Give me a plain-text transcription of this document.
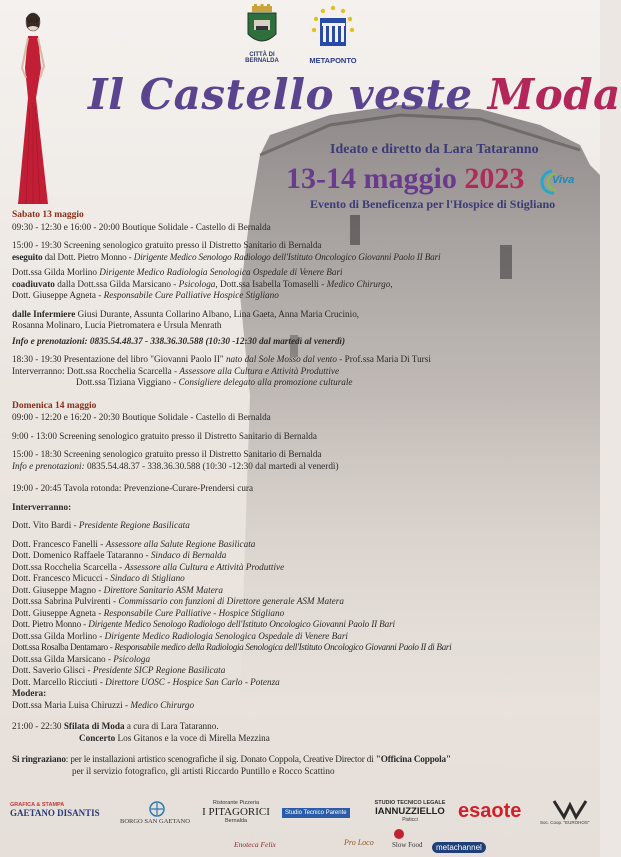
CITTÀ DI
BERNALDA	METAPONTO
Il Castello veste Moda
Ideato e diretto da Lara Tataranno
13-14 maggio 2023
Evento di Beneficenza per l'Hospice di Stigliano
Viva

Sabato 13 maggio

09:30 - 12:30 e 16:00 - 20:00 Boutique Solidale - Castello di Bernalda

15:00 - 19:30 Screening senologico gratuito presso il Distretto Sanitario di Bernalda

eseguito dal Dott. Pietro Monno - Dirigente Medico Senologo Radiologo dell'Istituto Oncologico Giovanni Paolo II Bari

Dott.ssa Gilda Morlino Dirigente Medico Radiologia Senologica Ospedale di Venere Bari

coadiuvato dalla Dott.ssa Gilda Marsicano - Psicologa, Dott.ssa Isabella Tomaselli - Medico Chirurgo,

Dott. Giuseppe Agneta - Responsabile Cure Palliative Hospice Stigliano

dalle Infermiere Giusi Durante, Assunta Collarino Albano, Lina Gaeta, Anna Maria Crucinio,

Rosanna Molinaro, Lucia Pietromatera e Ursula Menrath

Info e prenotazioni: 0835.54.48.37 - 338.36.30.588 (10:30 -12:30 dal martedì al venerdì)

18:30 - 19:30 Presentazione del libro "Giovanni Paolo II" nato dal Sole Mosso dal vento - Prof.ssa Maria Di Tursi

Interverranno: Dott.ssa Rocchelia Scarcella - Assessore alla Cultura e Attività Produttive

Dott.ssa Tiziana Viggiano - Consigliere delegato alla promozione culturale

Domenica 14 maggio

09:00 - 12:20 e 16:20 - 20:30 Boutique Solidale - Castello di Bernalda

9:00 - 13:00 Screening senologico gratuito presso il Distretto Sanitario di Bernalda

15:00 - 18:30 Screening senologico gratuito presso il Distretto Sanitario di Bernalda

Info e prenotazioni: 0835.54.48.37 - 338.36.30.588 (10:30 -12:30 dal martedì al venerdì)

19:00 - 20:45 Tavola rotonda: Prevenzione-Curare-Prendersi cura

Interverranno:

Dott. Vito Bardi - Presidente Regione Basilicata

Dott. Francesco Fanelli - Assessore alla Salute Regione Basilicata

Dott. Domenico Raffaele Tataranno - Sindaco di Bernalda

Dott.ssa Rocchelia Scarcella - Assessore alla Cultura e Attività Produttive

Dott. Francesco Micucci - Sindaco di Stigliano

Dott. Giuseppe Magno - Direttore Sanitario ASM Matera

Dott.ssa Sabrina Pulvirenti - Commissario con funzioni di Direttore generale ASM Matera

Dott. Giuseppe Agneta - Responsabile Cure Palliative - Hospice Stigliano

Dott. Pietro Monno - Dirigente Medico Senologo Radiologo dell'Istituto Oncologico Giovanni Paolo II Bari

Dott.ssa Gilda Morlino - Dirigente Medico Radiologia Senologica Ospedale di Venere Bari

Dott.ssa Rosalba Dentamaro - Responsabile medico della Radiologia Senologica dell'Istituto Oncologico Giovanni Paolo II di Bari

Dott.ssa Gilda Marsicano - Psicologa

Dott. Saverio Glisci - Presidente SICP Regione Basilicata

Dott. Marcello Ricciuti - Direttore UOSC - Hospice San Carlo - Potenza

Modera:

Dott.ssa Maria Luisa Chiruzzi - Medico Chirurgo

21:00 - 22:30 Sfilata di Moda a cura di Lara Tataranno.

Concerto Los Gitanos e la voce di Mirella Mezzina

Si ringraziano: per le installazioni artistico scenografiche il sig. Donato Coppola, Creative Director di "Officina Coppola"

per il servizio fotografico, gli artisti Riccardo Puntillo e Rocco Scattino

GRAFICA & STAMPA
GAETANO DISANTIS
BORGO SAN GAETANO
Ristorante Pizzeria
I PITAGORICI
Bernalda
Studio Tecnico Parente
STUDIO TECNICO LEGALE
IANNUZZIELLO
Pisticci	esaote
Soc. Coop. "EUROHOS"
Enoteca Felix	Pro Loco	Slow Food	metachannel
